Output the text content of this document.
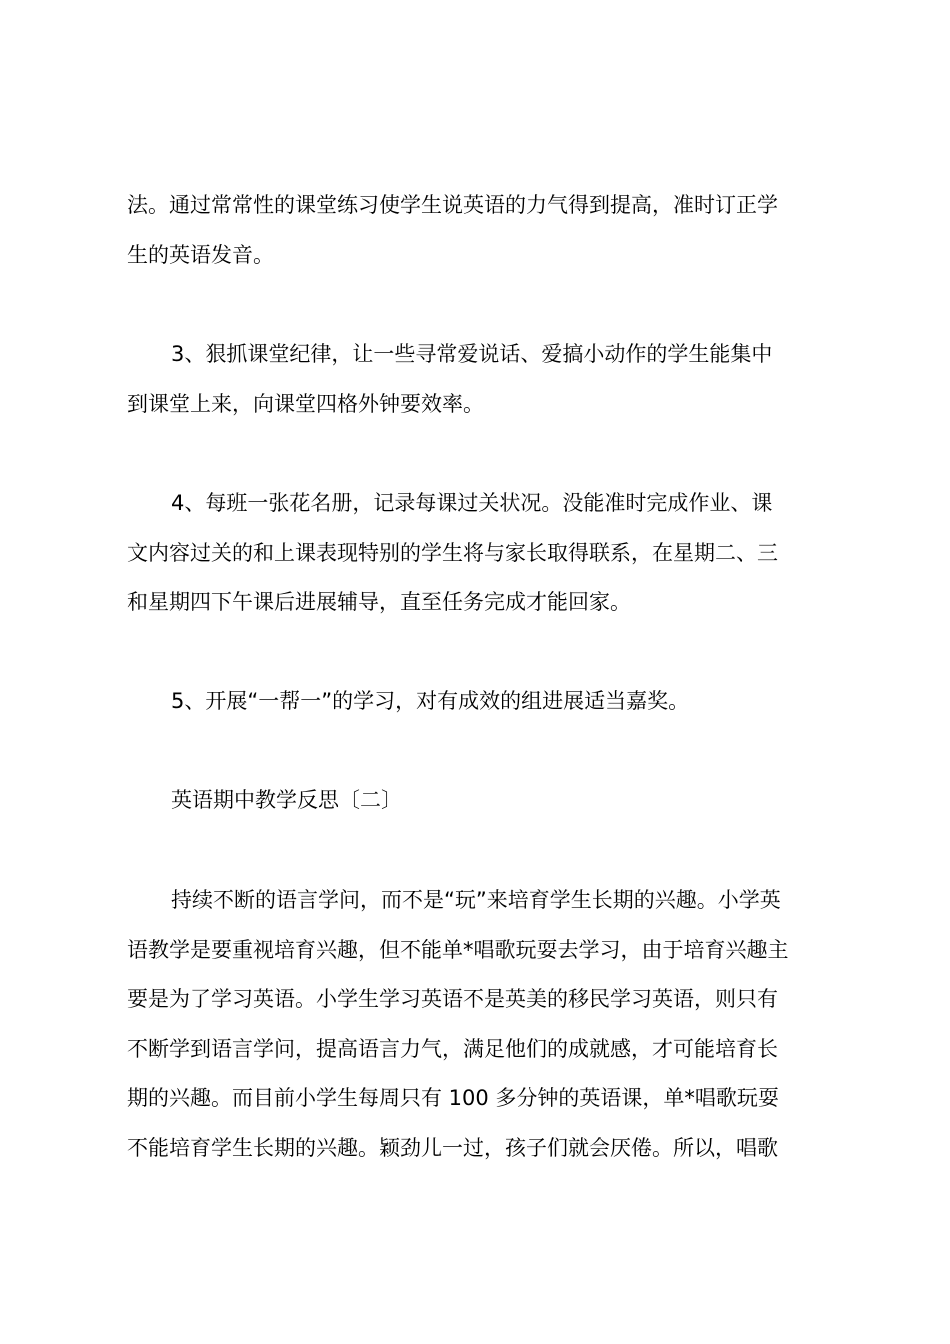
法。通过常常性的课堂练习使学生说英语的力气得到提高，准时订正学
生的英语发音。
3、狠抓课堂纪律，让一些寻常爱说话、爱搞小动作的学生能集中
到课堂上来，向课堂四格外钟要效率。
4、每班一张花名册，记录每课过关状况。没能准时完成作业、课
文内容过关的和上课表现特别的学生将与家长取得联系，在星期二、三
和星期四下午课后进展辅导，直至任务完成才能回家。
5、开展“一帮一”的学习，对有成效的组进展适当嘉奖。
英语期中教学反思〔二〕
持续不断的语言学问，而不是“玩”来培育学生长期的兴趣。小学英
语教学是要重视培育兴趣，但不能单*唱歌玩耍去学习，由于培育兴趣主
要是为了学习英语。小学生学习英语不是英美的移民学习英语，则只有
不断学到语言学问，提高语言力气，满足他们的成就感，才可能培育长
期的兴趣。而目前小学生每周只有 100 多分钟的英语课，单*唱歌玩耍
不能培育学生长期的兴趣。颖劲儿一过，孩子们就会厌倦。所以，唱歌
